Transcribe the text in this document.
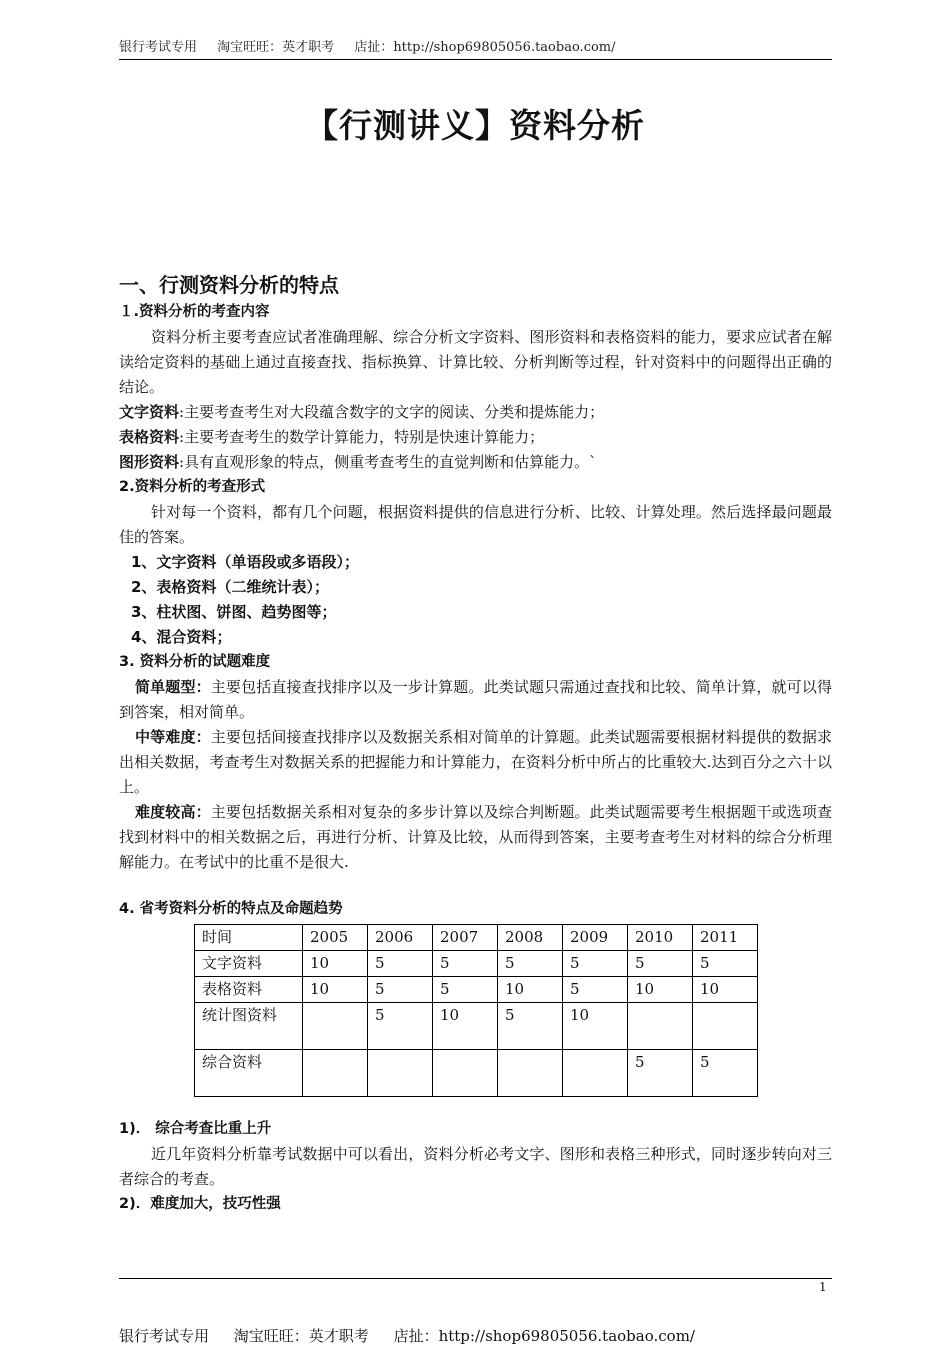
银行考试专用 淘宝旺旺：英才职考 店扯：http://shop69805056.taobao.com/
【行测讲义】资料分析

一、行测资料分析的特点

１.资料分析的考查内容

资料分析主要考查应试者准确理解、综合分析文字资料、图形资料和表格资料的能力，要求应试者在解读给定资料的基础上通过直接查找、指标换算、计算比较、分析判断等过程，针对资料中的问题得出正确的结论。

文字资料:主要考查考生对大段蕴含数字的文字的阅读、分类和提炼能力；

表格资料:主要考查考生的数学计算能力，特别是快速计算能力；

图形资料:具有直观形象的特点，侧重考查考生的直觉判断和估算能力。`

2.资料分析的考查形式

针对每一个资料，都有几个问题，根据资料提供的信息进行分析、比较、计算处理。然后选择最问题最佳的答案。

1、文字资料（单语段或多语段）；

2、表格资料（二维统计表）；

3、柱状图、饼图、趋势图等；

4、混合资料；

3. 资料分析的试题难度

简单题型：主要包括直接查找排序以及一步计算题。此类试题只需通过查找和比较、简单计算，就可以得到答案，相对简单。

中等难度：主要包括间接查找排序以及数据关系相对简单的计算题。此类试题需要根据材料提供的数据求出相关数据，考查考生对数据关系的把握能力和计算能力，在资料分析中所占的比重较大.达到百分之六十以上。

难度较高：主要包括数据关系相对复杂的多步计算以及综合判断题。此类试题需要考生根据题干或选项查找到材料中的相关数据之后，再进行分析、计算及比较，从而得到答案，主要考查考生对材料的综合分析理解能力。在考试中的比重不是很大.

4. 省考资料分析的特点及命题趋势

时间	2005	2006	2007	2008	2009	2010	2011
文字资料	10	5	5	5	5	5	5
表格资料	10	5	5	10	5	10	10
统计图资料		5	10	5	10		
综合资料						5	5

1)． 综合考查比重上升

近几年资料分析靠考试数据中可以看出，资料分析必考文字、图形和表格三种形式，同时逐步转向对三者综合的考查。

2)．难度加大，技巧性强

1
银行考试专用 淘宝旺旺：英才职考 店扯：http://shop69805056.taobao.com/
